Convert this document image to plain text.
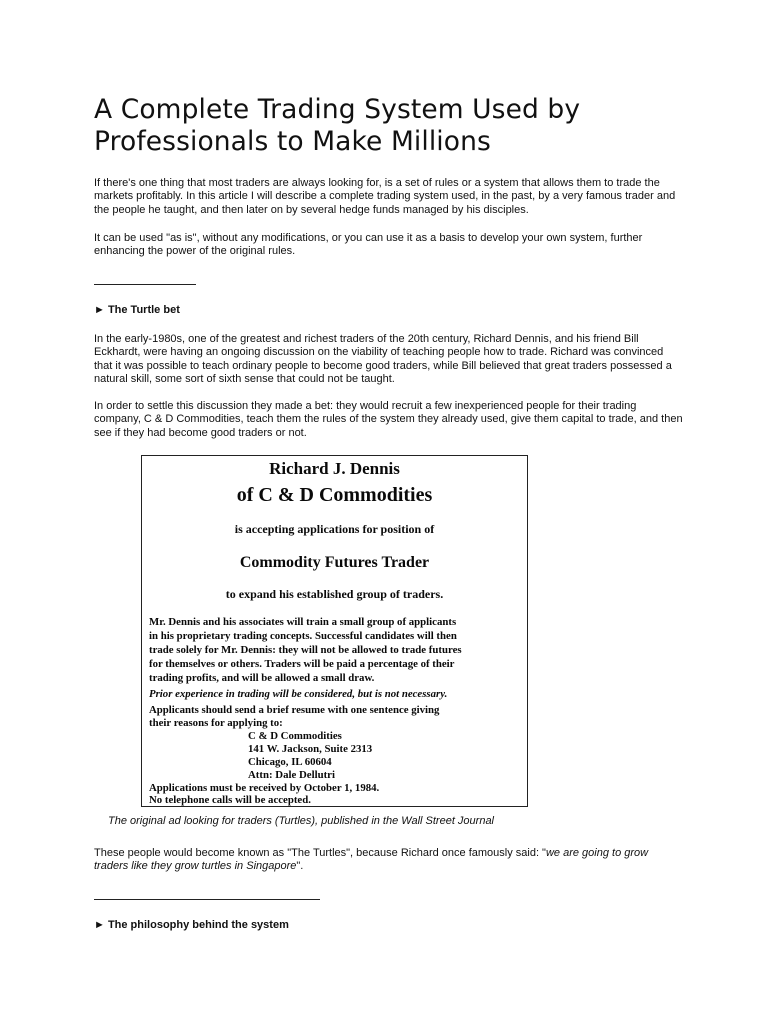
A Complete Trading System Used by Professionals to Make Millions

If there's one thing that most traders are always looking for, is a set of rules or a system that allows them to trade the markets profitably. In this article I will describe a complete trading system used, in the past, by a very famous trader and the people he taught, and then later on by several hedge funds managed by his disciples.

It can be used "as is", without any modifications, or you can use it as a basis to develop your own system, further enhancing the power of the original rules.

► The Turtle bet

In the early-1980s, one of the greatest and richest traders of the 20th century, Richard Dennis, and his friend Bill Eckhardt, were having an ongoing discussion on the viability of teaching people how to trade. Richard was convinced that it was possible to teach ordinary people to become good traders, while Bill believed that great traders possessed a natural skill, some sort of sixth sense that could not be taught.

In order to settle this discussion they made a bet: they would recruit a few inexperienced people for their trading company, C & D Commodities, teach them the rules of the system they already used, give them capital to trade, and then see if they had become good traders or not.

Richard J. Dennis
of C & D Commodities
is accepting applications for position of
Commodity Futures Trader
to expand his established group of traders.
Mr. Dennis and his associates will train a small group of applicants
in his proprietary trading concepts. Successful candidates will then
trade solely for Mr. Dennis: they will not be allowed to trade futures
for themselves or others. Traders will be paid a percentage of their
trading profits, and will be allowed a small draw.
Prior experience in trading will be considered, but is not necessary.
Applicants should send a brief resume with one sentence giving
their reasons for applying to:
C & D Commodities
141 W. Jackson, Suite 2313
Chicago, IL 60604
Attn: Dale Dellutri
Applications must be received by October 1, 1984.
No telephone calls will be accepted.

The original ad looking for traders (Turtles), published in the Wall Street Journal

These people would become known as "The Turtles", because Richard once famously said: "we are going to grow traders like they grow turtles in Singapore".

► The philosophy behind the system
